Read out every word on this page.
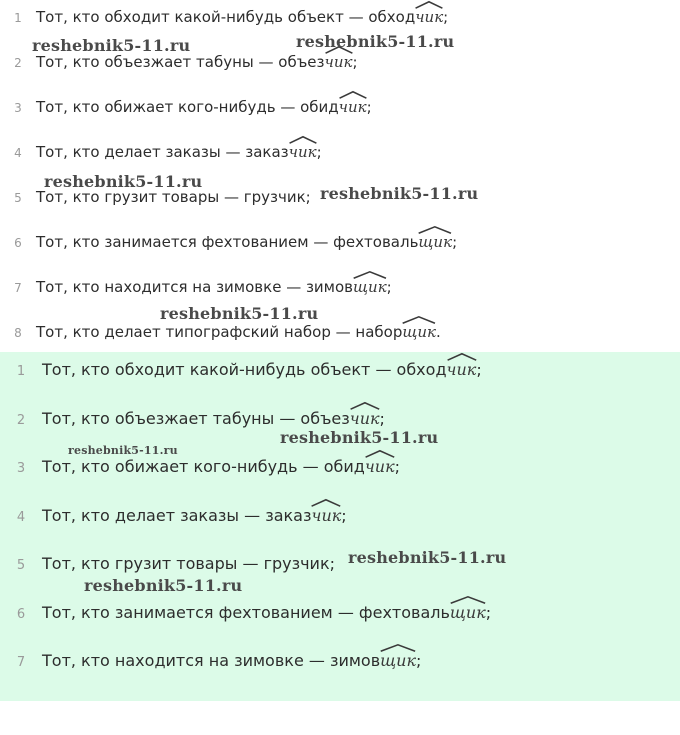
1 Тот, кто обходит какой-нибудь объект — обход чик ;
2 Тот, кто объезжает табуны — объез чик ;
3 Тот, кто обижает кого-нибудь — обид чик ;
4 Тот, кто делает заказы — заказ чик ;
5 Тот, кто грузит товары — грузчик;
6 Тот, кто занимается фехтованием — фехтоваль щик ;
7 Тот, кто находится на зимовке — зимов щик ;
8 Тот, кто делает типографский набор — набор щик .
1	Тот, кто обходит какой-нибудь объект — обход чик ;
2	Тот, кто объезжает табуны — объез чик ;
3	Тот, кто обижает кого-нибудь — обид чик ;
4	Тот, кто делает заказы — заказ чик ;
5	Тот, кто грузит товары — грузчик;
6	Тот, кто занимается фехтованием — фехтоваль щик ;
7	Тот, кто находится на зимовке — зимов щик ;
reshebnik5-11.ru	reshebnik5-11.ru
reshebnik5-11.ru
reshebnik5-11.ru
reshebnik5-11.ru
reshebnik5-11.ru
reshebnik5-11.ru
reshebnik5-11.ru
reshebnik5-11.ru
